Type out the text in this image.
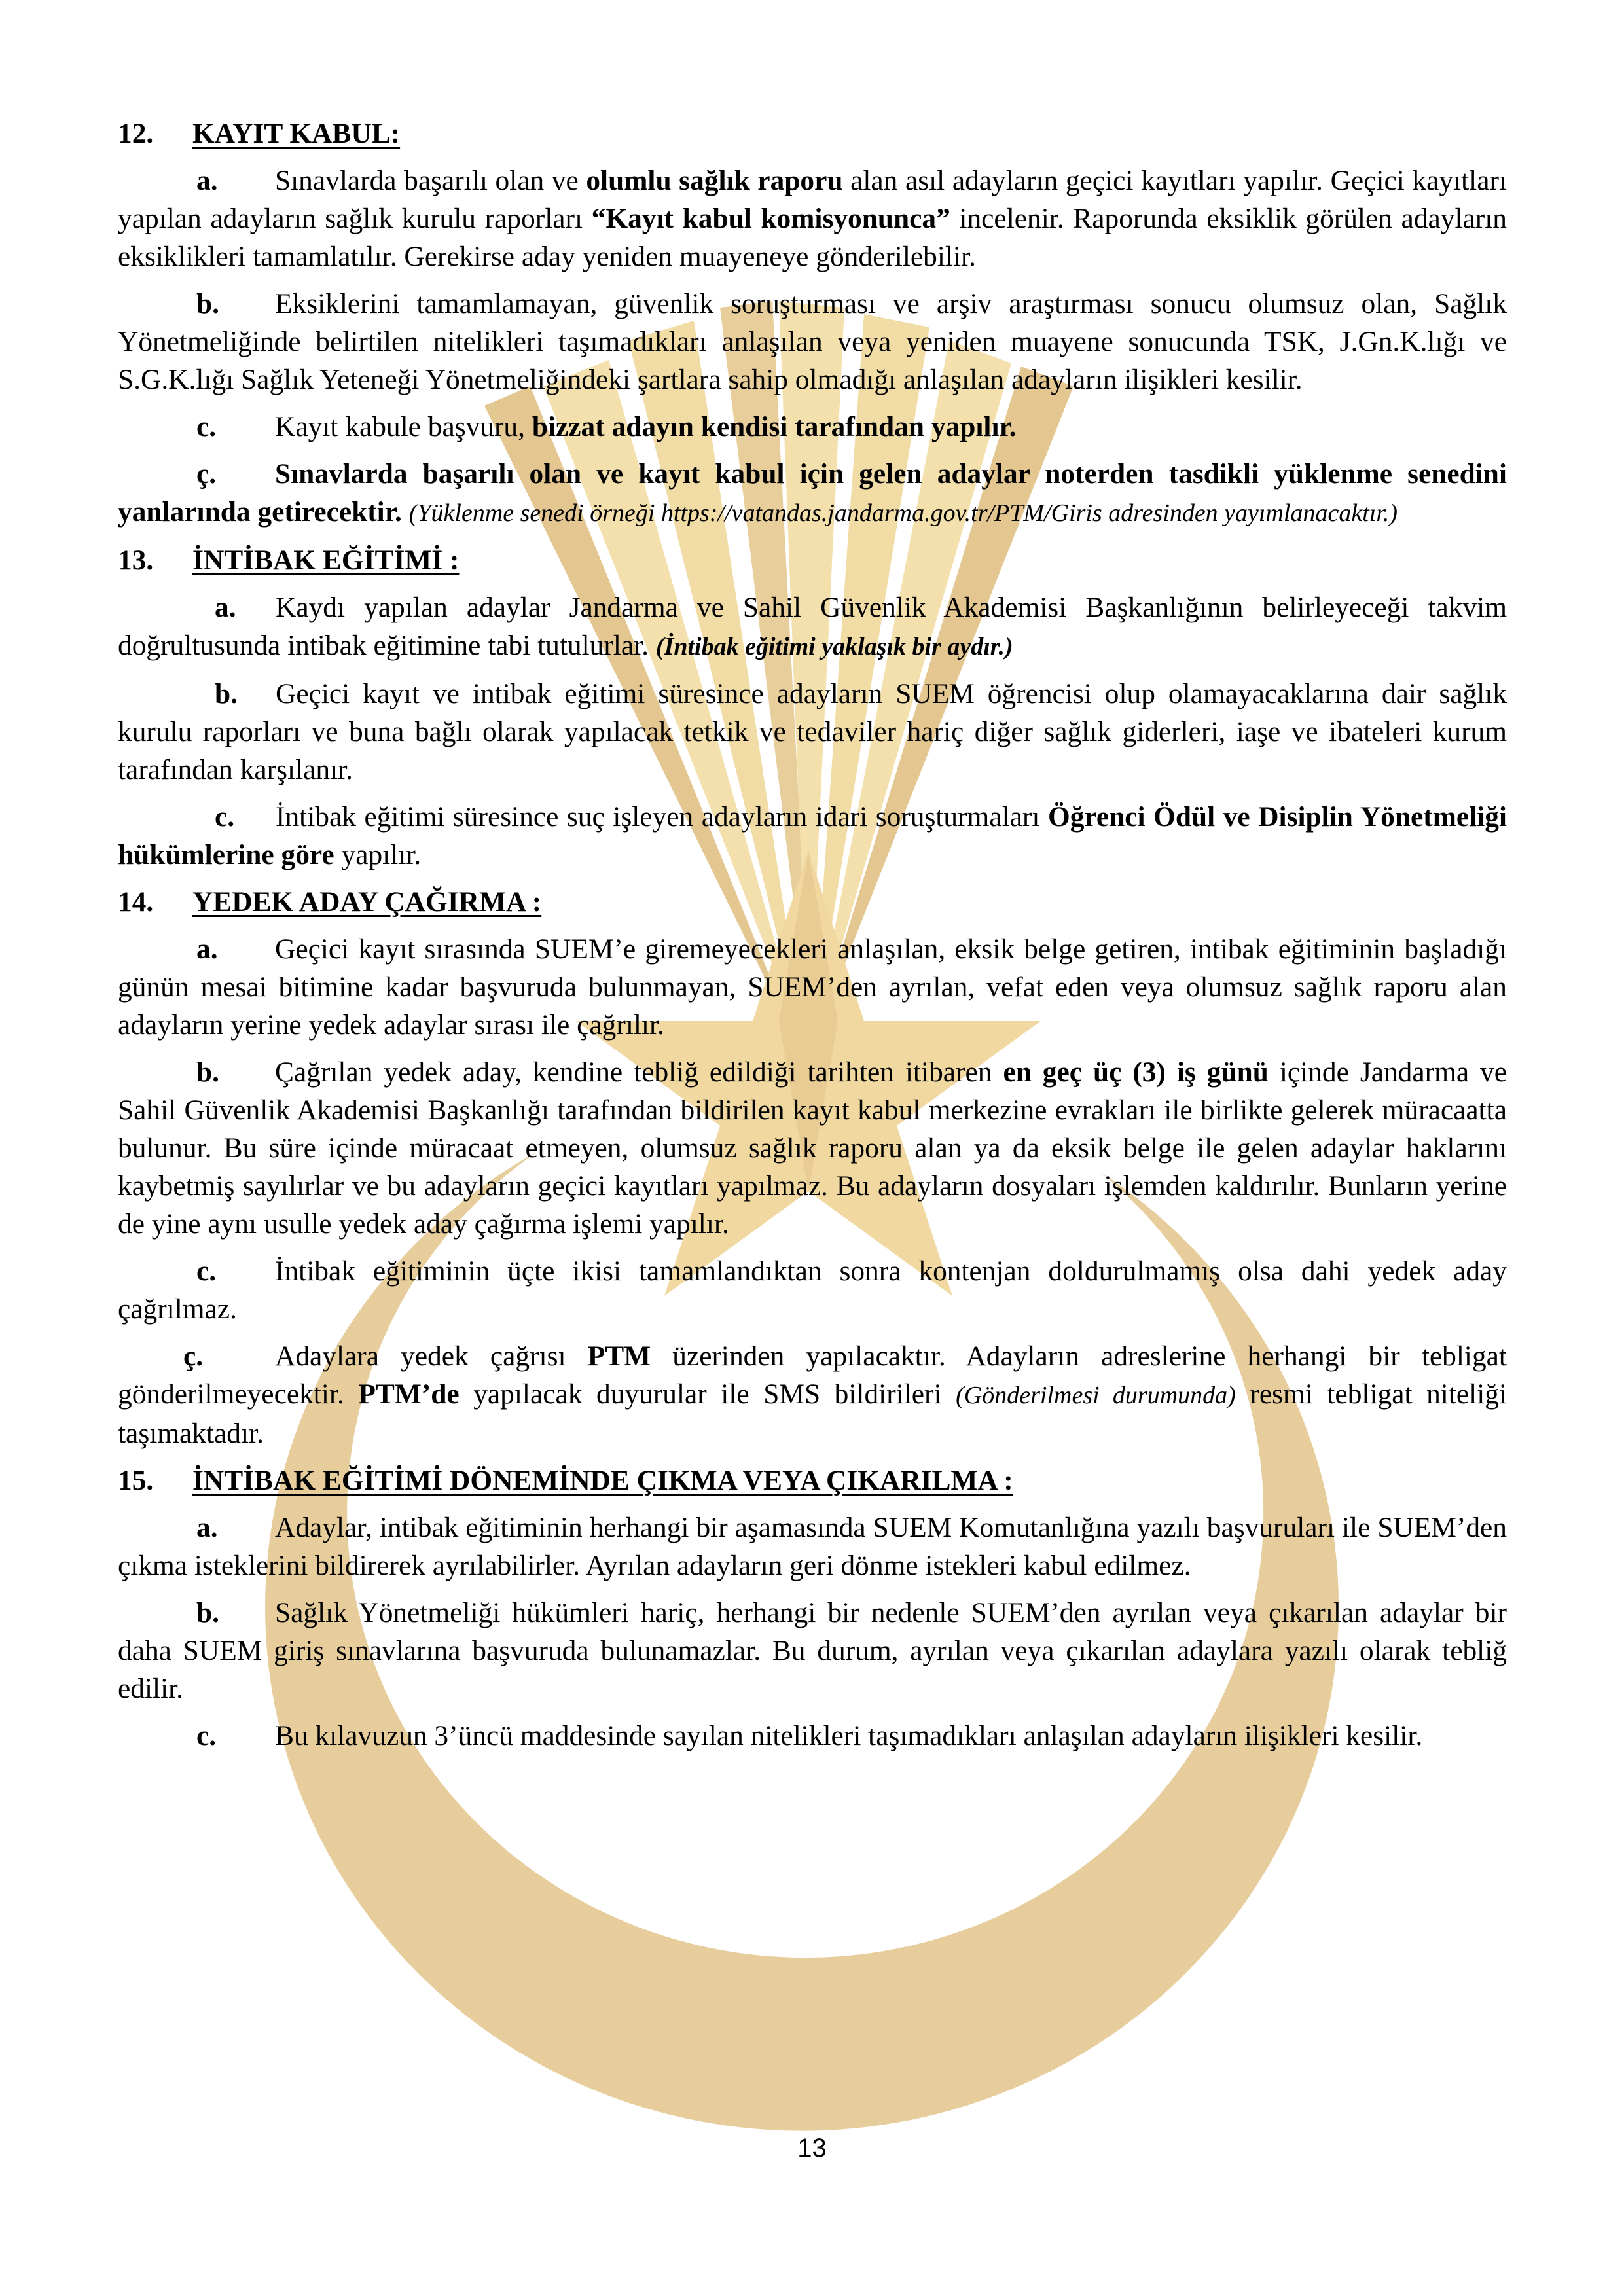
12. KAYIT KABUL:
a. Sınavlarda başarılı olan ve olumlu sağlık raporu alan asıl adayların geçici kayıtları yapılır. Geçici kayıtları yapılan adayların sağlık kurulu raporları “Kayıt kabul komisyonunca” incelenir. Raporunda eksiklik görülen adayların eksiklikleri tamamlatılır. Gerekirse aday yeniden muayeneye gönderilebilir.
b. Eksiklerini tamamlamayan, güvenlik soruşturması ve arşiv araştırması sonucu olumsuz olan, Sağlık Yönetmeliğinde belirtilen nitelikleri taşımadıkları anlaşılan veya yeniden muayene sonucunda TSK, J.Gn.K.lığı ve S.G.K.lığı Sağlık Yeteneği Yönetmeliğindeki şartlara sahip olmadığı anlaşılan adayların ilişikleri kesilir.
c. Kayıt kabule başvuru, bizzat adayın kendisi tarafından yapılır.
ç. Sınavlarda başarılı olan ve kayıt kabul için gelen adaylar noterden tasdikli yüklenme senedini yanlarında getirecektir. (Yüklenme senedi örneği https://vatandas.jandarma.gov.tr/PTM/Giris adresinden yayımlanacaktır.)
13. İNTİBAK EĞİTİMİ :
a. Kaydı yapılan adaylar Jandarma ve Sahil Güvenlik Akademisi Başkanlığının belirleyeceği takvim doğrultusunda intibak eğitimine tabi tutulurlar. (İntibak eğitimi yaklaşık bir aydır.)
b. Geçici kayıt ve intibak eğitimi süresince adayların SUEM öğrencisi olup olamayacaklarına dair sağlık kurulu raporları ve buna bağlı olarak yapılacak tetkik ve tedaviler hariç diğer sağlık giderleri, iaşe ve ibateleri kurum tarafından karşılanır.
c. İntibak eğitimi süresince suç işleyen adayların idari soruşturmaları Öğrenci Ödül ve Disiplin Yönetmeliği hükümlerine göre yapılır.
14. YEDEK ADAY ÇAĞIRMA :
a. Geçici kayıt sırasında SUEM’e giremeyecekleri anlaşılan, eksik belge getiren, intibak eğitiminin başladığı günün mesai bitimine kadar başvuruda bulunmayan, SUEM’den ayrılan, vefat eden veya olumsuz sağlık raporu alan adayların yerine yedek adaylar sırası ile çağrılır.
b. Çağrılan yedek aday, kendine tebliğ edildiği tarihten itibaren en geç üç (3) iş günü içinde Jandarma ve Sahil Güvenlik Akademisi Başkanlığı tarafından bildirilen kayıt kabul merkezine evrakları ile birlikte gelerek müracaatta bulunur. Bu süre içinde müracaat etmeyen, olumsuz sağlık raporu alan ya da eksik belge ile gelen adaylar haklarını kaybetmiş sayılırlar ve bu adayların geçici kayıtları yapılmaz. Bu adayların dosyaları işlemden kaldırılır. Bunların yerine de yine aynı usulle yedek aday çağırma işlemi yapılır.
c. İntibak eğitiminin üçte ikisi tamamlandıktan sonra kontenjan doldurulmamış olsa dahi yedek aday çağrılmaz.
ç.	Adaylara yedek çağrısı PTM üzerinden yapılacaktır. Adayların adreslerine herhangi bir tebligat gönderilmeyecektir. PTM’de yapılacak duyurular ile SMS bildirileri (Gönderilmesi durumunda) resmi tebligat niteliği taşımaktadır.
15. İNTİBAK EĞİTİMİ DÖNEMİNDE ÇIKMA VEYA ÇIKARILMA :
a. Adaylar, intibak eğitiminin herhangi bir aşamasında SUEM Komutanlığına yazılı başvuruları ile SUEM’den çıkma isteklerini bildirerek ayrılabilirler. Ayrılan adayların geri dönme istekleri kabul edilmez.
b. Sağlık Yönetmeliği hükümleri hariç, herhangi bir nedenle SUEM’den ayrılan veya çıkarılan adaylar bir daha SUEM giriş sınavlarına başvuruda bulunamazlar. Bu durum, ayrılan veya çıkarılan adaylara yazılı olarak tebliğ edilir.
c. Bu kılavuzun 3’üncü maddesinde sayılan nitelikleri taşımadıkları anlaşılan adayların ilişikleri kesilir.
13
